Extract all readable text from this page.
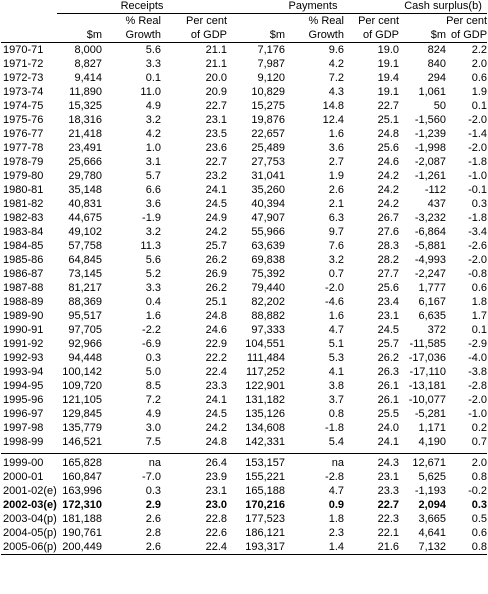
	Receipts			Payments			Cash surplus(b)	
		% Real	Per cent		% Real	Per cent		Per cent
	$m	Growth	of GDP	$m	Growth	of GDP	$m	of GDP
1970-71	8,000	5.6	21.1	7,176	9.6	19.0	824	2.2
1971-72	8,827	3.3	21.1	7,987	4.2	19.1	840	2.0
1972-73	9,414	0.1	20.0	9,120	7.2	19.4	294	0.6
1973-74	11,890	11.0	20.9	10,829	4.3	19.1	1,061	1.9
1974-75	15,325	4.9	22.7	15,275	14.8	22.7	50	0.1
1975-76	18,316	3.2	23.1	19,876	12.4	25.1	-1,560	-2.0
1976-77	21,418	4.2	23.5	22,657	1.6	24.8	-1,239	-1.4
1977-78	23,491	1.0	23.6	25,489	3.6	25.6	-1,998	-2.0
1978-79	25,666	3.1	22.7	27,753	2.7	24.6	-2,087	-1.8
1979-80	29,780	5.7	23.2	31,041	1.9	24.2	-1,261	-1.0
1980-81	35,148	6.6	24.1	35,260	2.6	24.2	-112	-0.1
1981-82	40,831	3.6	24.5	40,394	2.1	24.2	437	0.3
1982-83	44,675	-1.9	24.9	47,907	6.3	26.7	-3,232	-1.8
1983-84	49,102	3.2	24.2	55,966	9.7	27.6	-6,864	-3.4
1984-85	57,758	11.3	25.7	63,639	7.6	28.3	-5,881	-2.6
1985-86	64,845	5.6	26.2	69,838	3.2	28.2	-4,993	-2.0
1986-87	73,145	5.2	26.9	75,392	0.7	27.7	-2,247	-0.8
1987-88	81,217	3.3	26.2	79,440	-2.0	25.6	1,777	0.6
1988-89	88,369	0.4	25.1	82,202	-4.6	23.4	6,167	1.8
1989-90	95,517	1.6	24.8	88,882	1.6	23.1	6,635	1.7
1990-91	97,705	-2.2	24.6	97,333	4.7	24.5	372	0.1
1991-92	92,966	-6.9	22.9	104,551	5.1	25.7	-11,585	-2.9
1992-93	94,448	0.3	22.2	111,484	5.3	26.2	-17,036	-4.0
1993-94	100,142	5.0	22.4	117,252	4.1	26.3	-17,110	-3.8
1994-95	109,720	8.5	23.3	122,901	3.8	26.1	-13,181	-2.8
1995-96	121,105	7.2	24.1	131,182	3.7	26.1	-10,077	-2.0
1996-97	129,845	4.9	24.5	135,126	0.8	25.5	-5,281	-1.0
1997-98	135,779	3.0	24.2	134,608	-1.8	24.0	1,171	0.2
1998-99	146,521	7.5	24.8	142,331	5.4	24.1	4,190	0.7

1999-00	165,828	na	26.4	153,157	na	24.3	12,671	2.0
2000-01	160,847	-7.0	23.9	155,221	-2.8	23.1	5,625	0.8
2001-02(e)	163,996	0.3	23.1	165,188	4.7	23.3	-1,193	-0.2
2002-03(e)	172,310	2.9	23.0	170,216	0.9	22.7	2,094	0.3
2003-04(p)	181,188	2.6	22.8	177,523	1.8	22.3	3,665	0.5
2004-05(p)	190,761	2.8	22.6	186,121	2.3	22.1	4,641	0.6
2005-06(p)	200,449	2.6	22.4	193,317	1.4	21.6	7,132	0.8
